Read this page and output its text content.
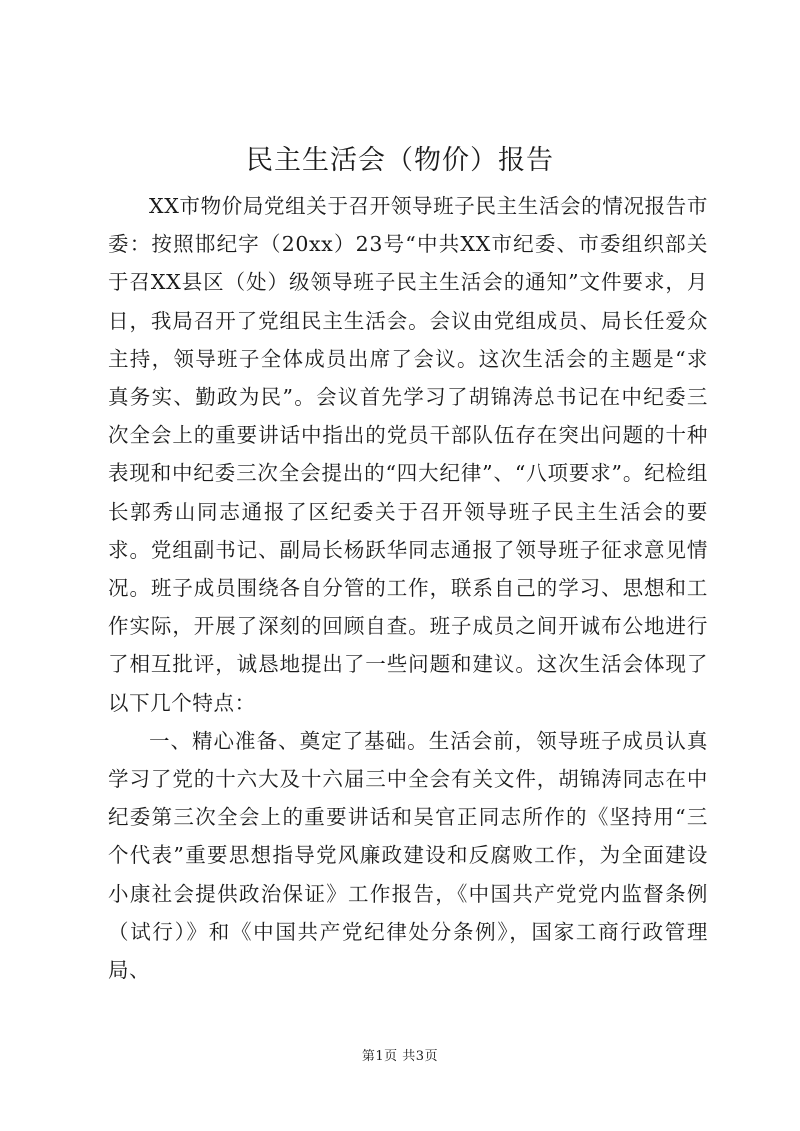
民主生活会（物价）报告

XX市物价局党组关于召开领导班子民主生活会的情况报告市委：按照邯纪字（20xx）23号“中共XX市纪委、市委组织部关于召XX县区（处）级领导班子民主生活会的通知”文件要求，月日，我局召开了党组民主生活会。会议由党组成员、局长任爱众主持，领导班子全体成员出席了会议。这次生活会的主题是“求真务实、勤政为民”。会议首先学习了胡锦涛总书记在中纪委三次全会上的重要讲话中指出的党员干部队伍存在突出问题的十种表现和中纪委三次全会提出的“四大纪律”、“八项要求”。纪检组长郭秀山同志通报了区纪委关于召开领导班子民主生活会的要求。党组副书记、副局长杨跃华同志通报了领导班子征求意见情况。班子成员围绕各自分管的工作，联系自己的学习、思想和工作实际，开展了深刻的回顾自查。班子成员之间开诚布公地进行了相互批评，诚恳地提出了一些问题和建议。这次生活会体现了以下几个特点：

一、精心准备、奠定了基础。生活会前，领导班子成员认真学习了党的十六大及十六届三中全会有关文件，胡锦涛同志在中纪委第三次全会上的重要讲话和吴官正同志所作的《坚持用“三个代表”重要思想指导党风廉政建设和反腐败工作，为全面建设小康社会提供政治保证》工作报告，《中国共产党党内监督条例（试行）》和《中国共产党纪律处分条例》，国家工商行政管理局、

第1页 共3页
